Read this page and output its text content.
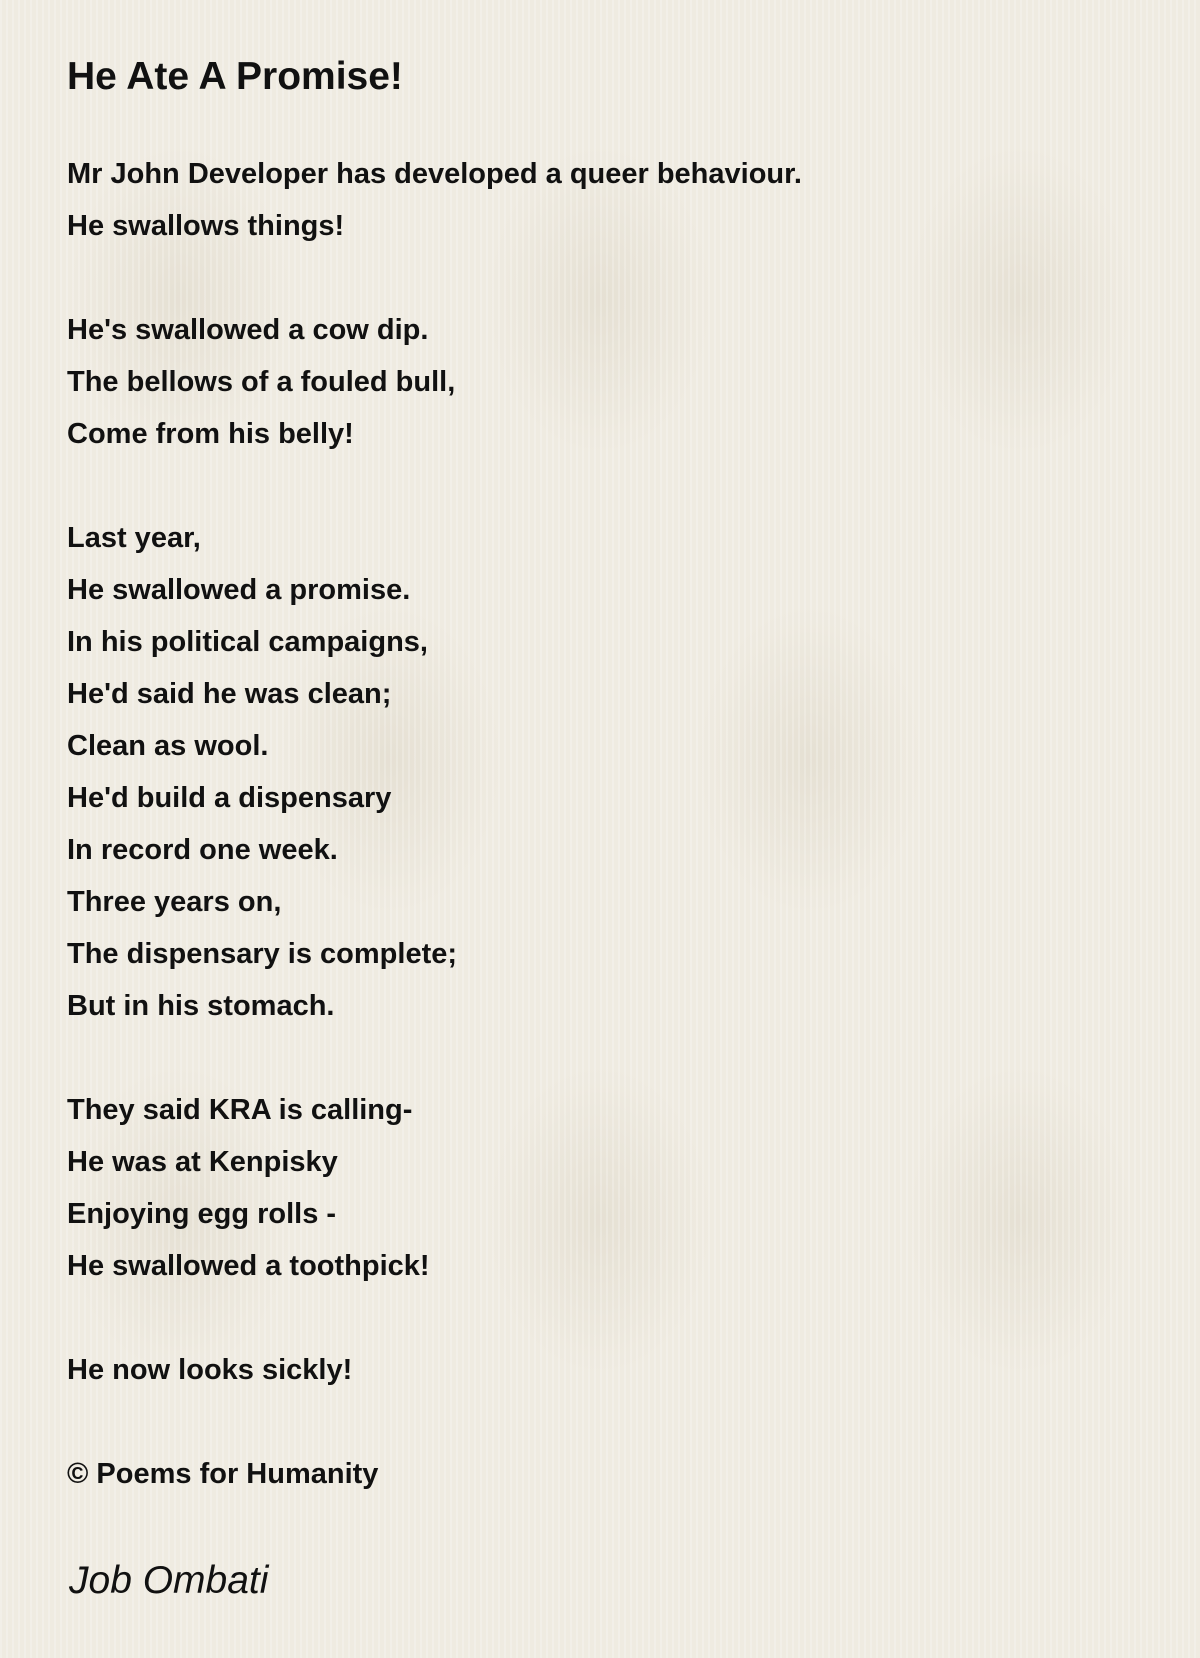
He Ate A Promise!
Mr John Developer has developed a queer behaviour.
He swallows things!
He's swallowed a cow dip.
The bellows of a fouled bull,
Come from his belly!
Last year,
He swallowed a promise.
In his political campaigns,
He'd said he was clean;
Clean as wool.
He'd build a dispensary
In record one week.
Three years on,
The dispensary is complete;
But in his stomach.
They said KRA is calling-
He was at Kenpisky
Enjoying egg rolls -
He swallowed a toothpick!
He now looks sickly!

© Poems for Humanity

Job Ombati
